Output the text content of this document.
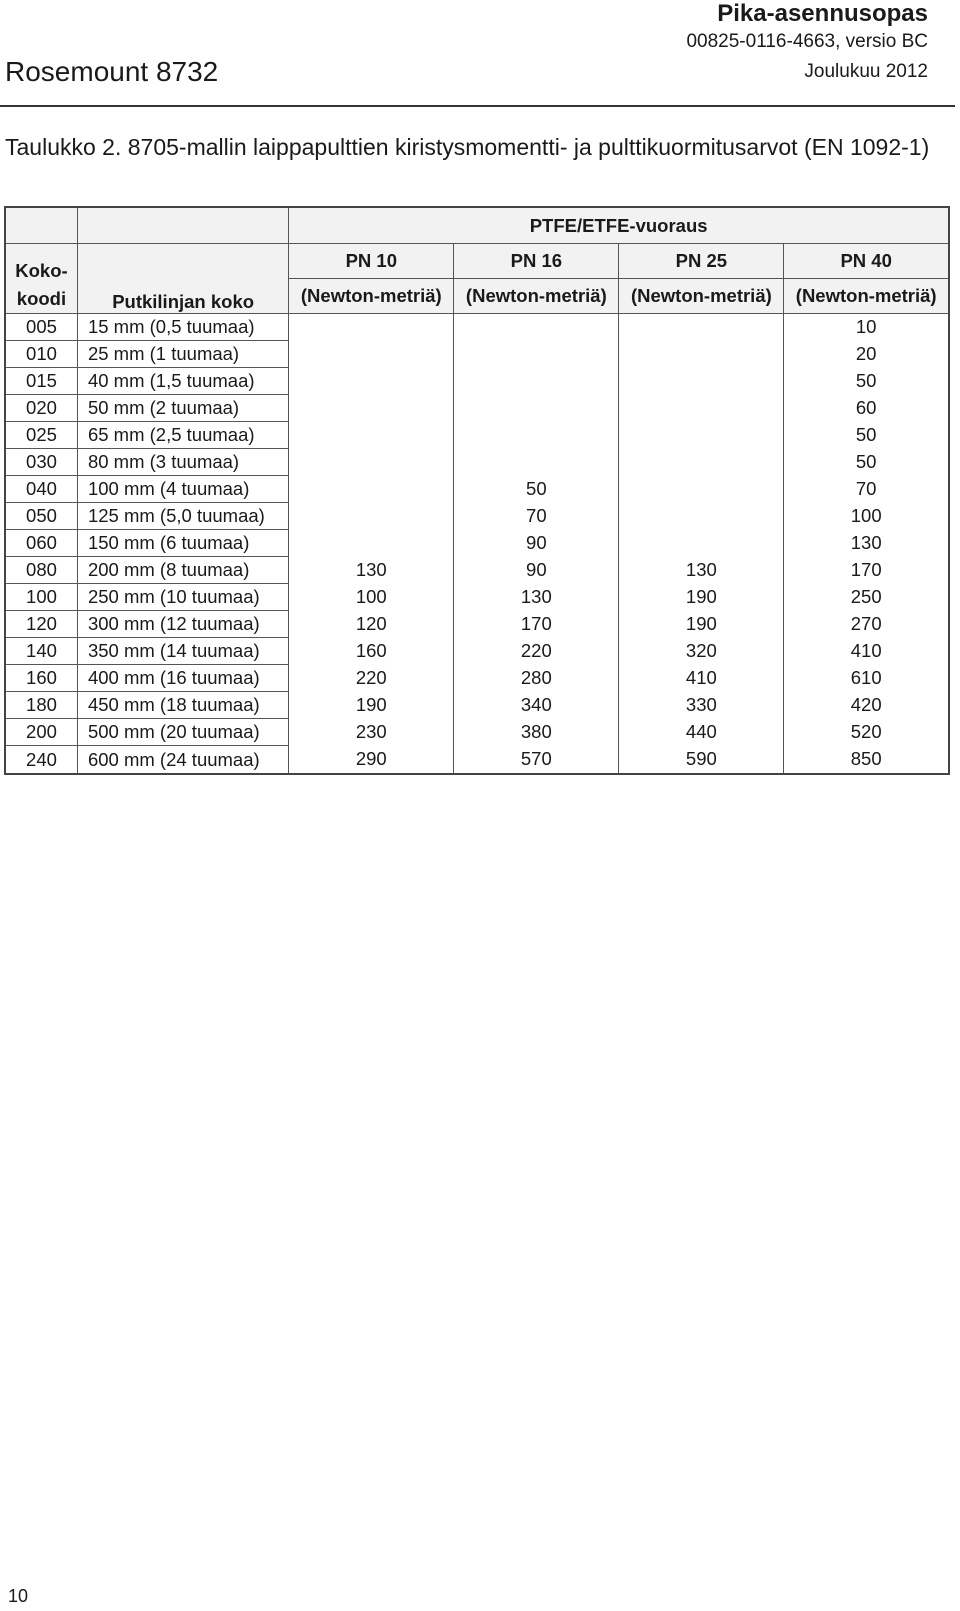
Pika-asennusopas
00825-0116-4663, versio BC
Joulukuu 2012
Rosemount 8732
Taulukko 2. 8705-mallin laippapulttien kiristysmomentti- ja pulttikuormitusarvot (EN 1092-1)
		PTFE/ETFE-vuoraus			

Koko-koodi	Putkilinjan koko	PN 10	PN 16	PN 25	PN 40
		(Newton-metriä)	(Newton-metriä)	(Newton-metriä)	(Newton-metriä)
005	15 mm (0,5 tuumaa)				10
010	25 mm (1 tuumaa)				20
015	40 mm (1,5 tuumaa)				50
020	50 mm (2 tuumaa)				60
025	65 mm (2,5 tuumaa)				50
030	80 mm (3 tuumaa)				50
040	100 mm (4 tuumaa)		50		70
050	125 mm (5,0 tuumaa)		70		100
060	150 mm (6 tuumaa)		90		130
080	200 mm (8 tuumaa)	130	90	130	170
100	250 mm (10 tuumaa)	100	130	190	250
120	300 mm (12 tuumaa)	120	170	190	270
140	350 mm (14 tuumaa)	160	220	320	410
160	400 mm (16 tuumaa)	220	280	410	610
180	450 mm (18 tuumaa)	190	340	330	420
200	500 mm (20 tuumaa)	230	380	440	520
240	600 mm (24 tuumaa)	290	570	590	850
10
